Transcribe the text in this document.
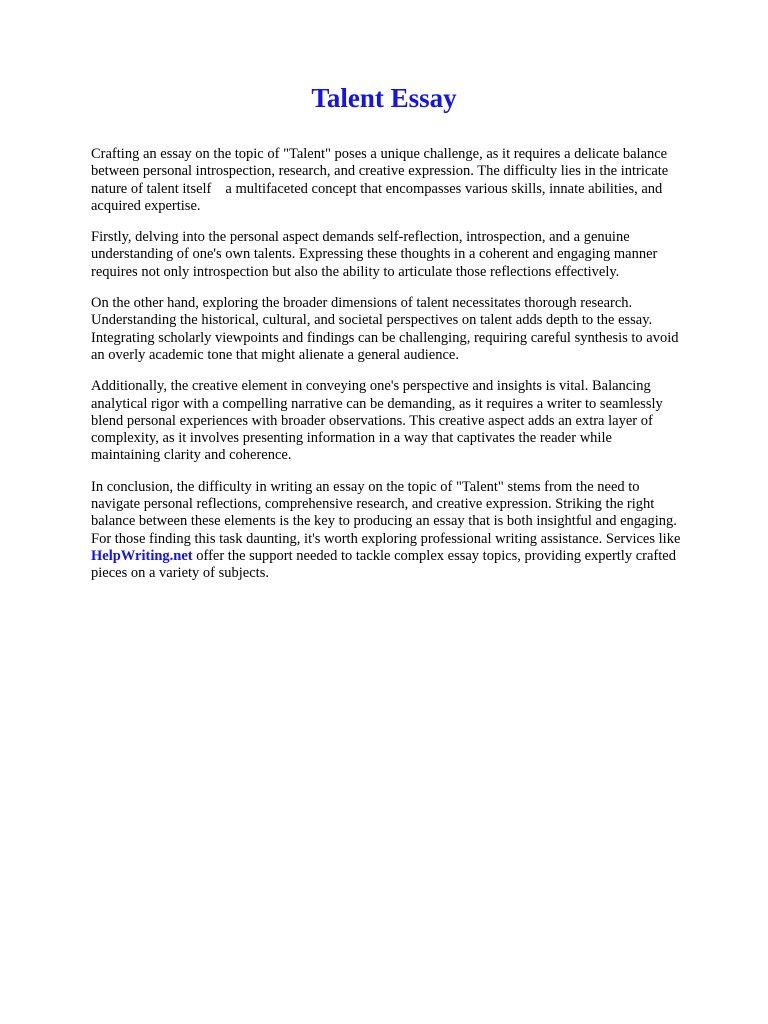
Talent Essay

Crafting an essay on the topic of "Talent" poses a unique challenge, as it requires a delicate balance
between personal introspection, research, and creative expression. The difficulty lies in the intricate
nature of talent itself a multifaceted concept that encompasses various skills, innate abilities, and
acquired expertise.

Firstly, delving into the personal aspect demands self-reflection, introspection, and a genuine
understanding of one's own talents. Expressing these thoughts in a coherent and engaging manner
requires not only introspection but also the ability to articulate those reflections effectively.

On the other hand, exploring the broader dimensions of talent necessitates thorough research.
Understanding the historical, cultural, and societal perspectives on talent adds depth to the essay.
Integrating scholarly viewpoints and findings can be challenging, requiring careful synthesis to avoid
an overly academic tone that might alienate a general audience.

Additionally, the creative element in conveying one's perspective and insights is vital. Balancing
analytical rigor with a compelling narrative can be demanding, as it requires a writer to seamlessly
blend personal experiences with broader observations. This creative aspect adds an extra layer of
complexity, as it involves presenting information in a way that captivates the reader while
maintaining clarity and coherence.

In conclusion, the difficulty in writing an essay on the topic of "Talent" stems from the need to
navigate personal reflections, comprehensive research, and creative expression. Striking the right
balance between these elements is the key to producing an essay that is both insightful and engaging.
For those finding this task daunting, it's worth exploring professional writing assistance. Services like
HelpWriting.net offer the support needed to tackle complex essay topics, providing expertly crafted
pieces on a variety of subjects.
